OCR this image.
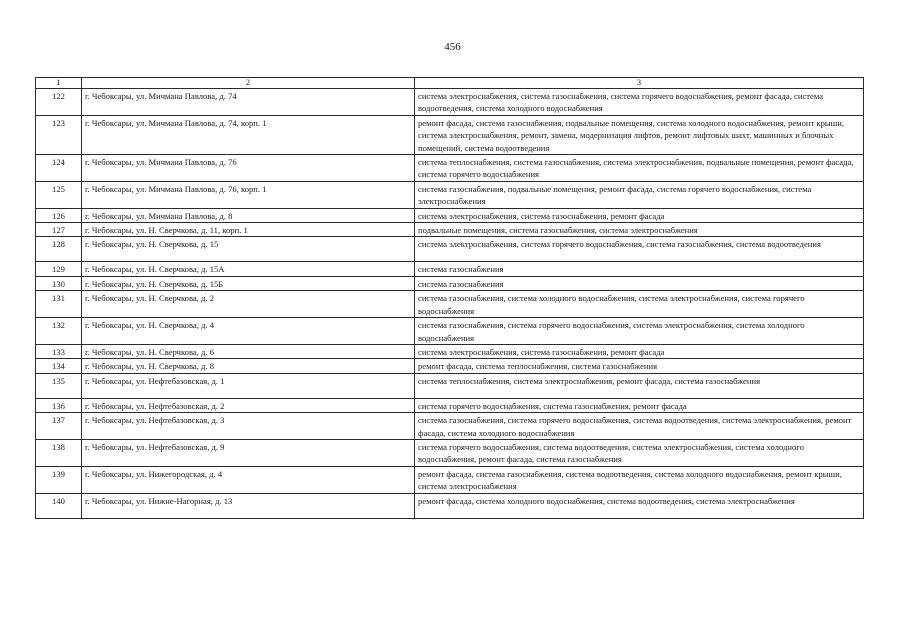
456
1	2	3
122	г. Чебоксары, ул. Мичмана Павлова, д. 74	система электроснабжения, система газоснабжения, система горячего водоснабжения, ремонт фасада, система водоотведения, система холодного водоснабжения
123	г. Чебоксары, ул. Мичмана Павлова, д. 74, корп. 1	ремонт фасада, система газоснабжения, подвальные помещения, система холодного водоснабжения, ремонт крыши, система электроснабжения, ремонт, замена, модернизация лифтов, ремонт лифтовых шахт, машинных и блочных помещений, система водоотведения
124	г. Чебоксары, ул. Мичмана Павлова, д. 76	система теплоснабжения, система газоснабжения, система электроснабжения, подвальные помещения, ремонт фасада, система горячего водоснабжения
125	г. Чебоксары, ул. Мичмана Павлова, д. 76, корп. 1	система газоснабжения, подвальные помещения, ремонт фасада, система горячего водоснабжения, система электроснабжения
126	г. Чебоксары, ул. Мичмана Павлова, д. 8	система электроснабжения, система газоснабжения, ремонт фасада
127	г. Чебоксары, ул. Н. Сверчкова, д. 11, корп. 1	подвальные помещения, система газоснабжения, система электроснабжения
128	г. Чебоксары, ул. Н. Сверчкова, д. 15	система электроснабжения, система горячего водоснабжения, система газоснабжения, система водоотведения
129	г. Чебоксары, ул. Н. Сверчкова, д. 15А	система газоснабжения
130	г. Чебоксары, ул. Н. Сверчкова, д. 15Б	система газоснабжения
131	г. Чебоксары, ул. Н. Сверчкова, д. 2	система газоснабжения, система холодного водоснабжения, система электроснабжения, система горячего водоснабжения
132	г. Чебоксары, ул. Н. Сверчкова, д. 4	система газоснабжения, система горячего водоснабжения, система электроснабжения, система холодного водоснабжения
133	г. Чебоксары, ул. Н. Сверчкова, д. 6	система электроснабжения, система газоснабжения, ремонт фасада
134	г. Чебоксары, ул. Н. Сверчкова, д. 8	ремонт фасада, система теплоснабжения, система газоснабжения
135	г. Чебоксары, ул. Нефтебазовская, д. 1	система теплоснабжения, система электроснабжения, ремонт фасада, система газоснабжения
136	г. Чебоксары, ул. Нефтебазовская, д. 2	система горячего водоснабжения, система газоснабжения, ремонт фасада
137	г. Чебоксары, ул. Нефтебазовская, д. 3	система газоснабжения, система горячего водоснабжения, система водоотведения, система электроснабжения, ремонт фасада, система холодного водоснабжения
138	г. Чебоксары, ул. Нефтебазовская, д. 9	система горячего водоснабжения, система водоотведения, система электроснабжения, система холодного водоснабжения, ремонт фасада, система газоснабжения
139	г. Чебоксары, ул. Нижегородская, д. 4	ремонт фасада, система газоснабжения, система водоотведения, система холодного водоснабжения, ремонт крыши, система электроснабжения
140	г. Чебоксары, ул. Нижне-Нагорная, д. 13	ремонт фасада, система холодного водоснабжения, система водоотведения, система электроснабжения
